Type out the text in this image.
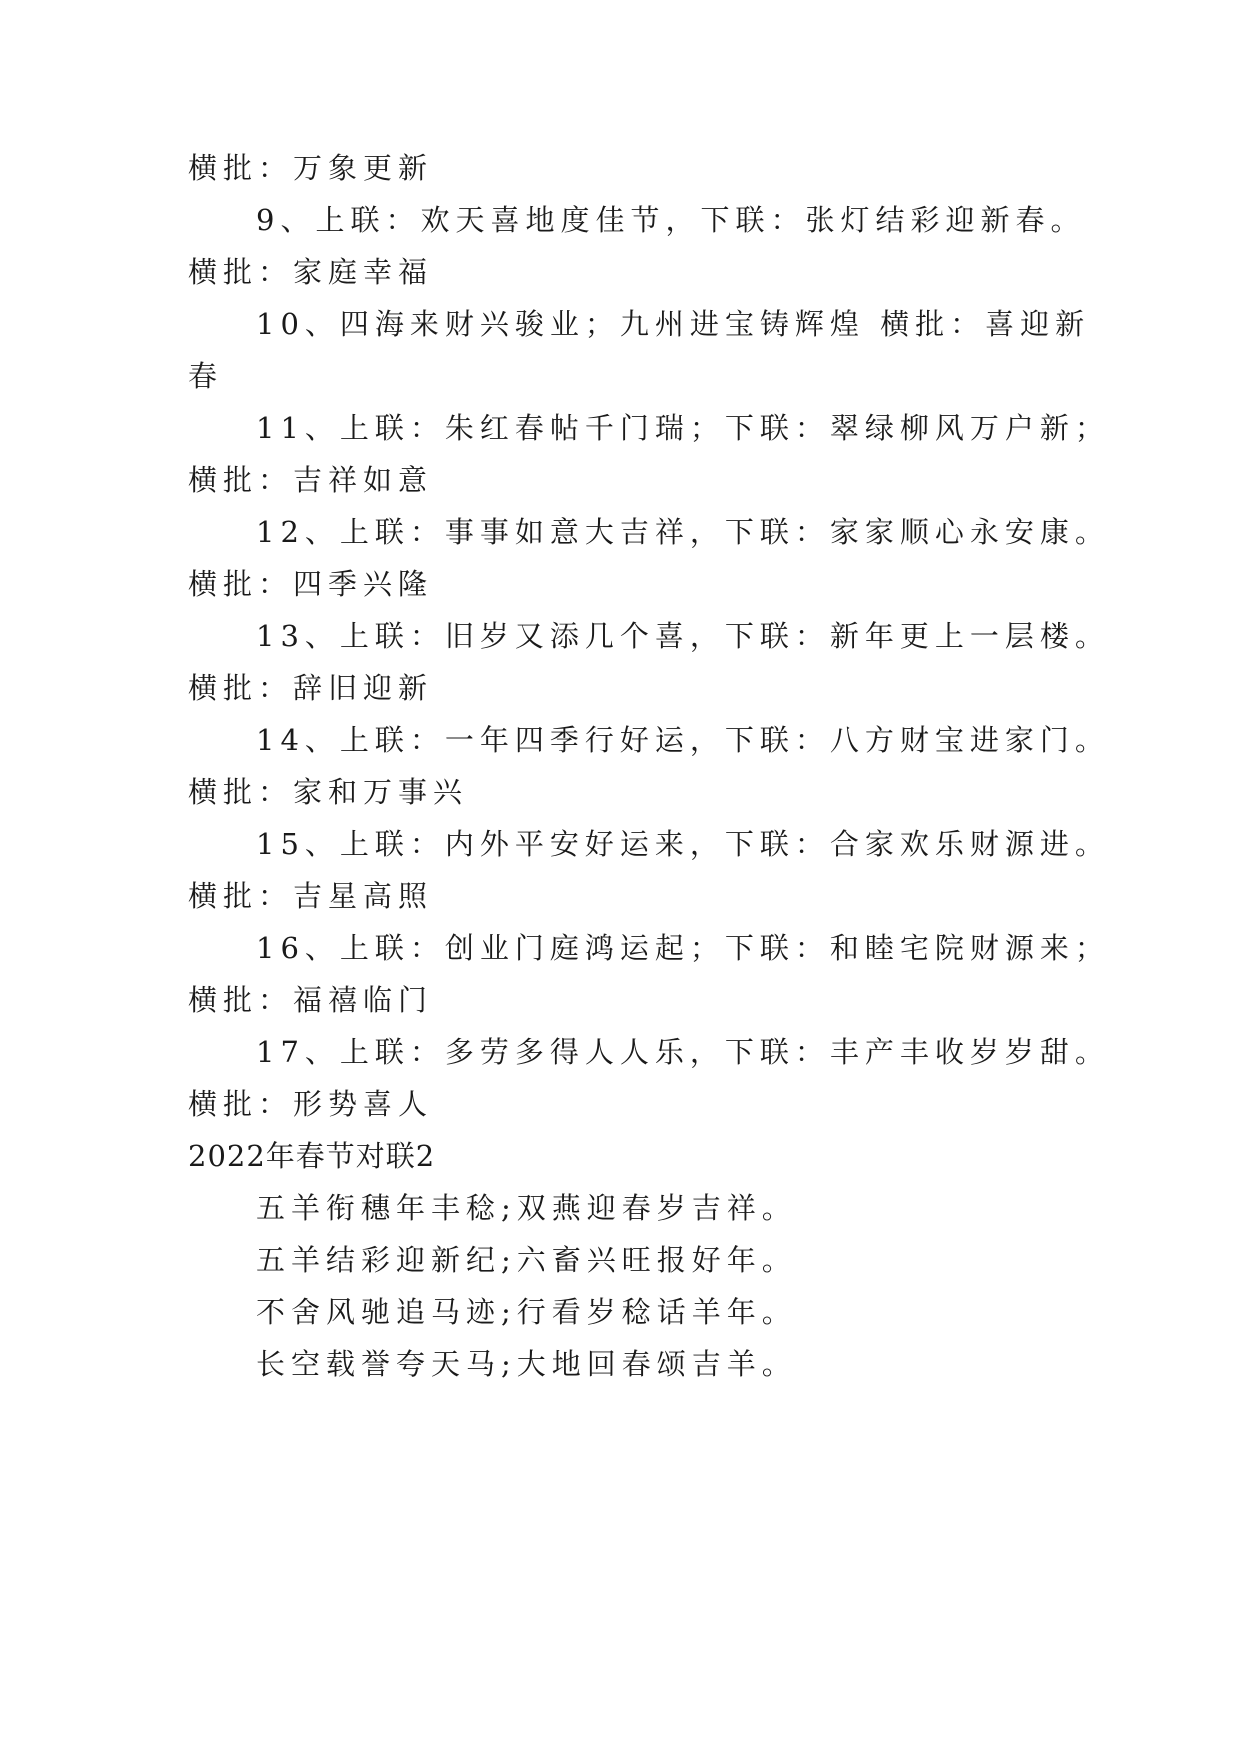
横批：万象更新
9、上联：欢天喜地度佳节，下联：张灯结彩迎新春。
横批：家庭幸福
10、四海来财兴骏业；九州进宝铸辉煌 横批：喜迎新
春
11、上联：朱红春帖千门瑞；下联：翠绿柳风万户新；
横批：吉祥如意
12、上联：事事如意大吉祥，下联：家家顺心永安康。
横批：四季兴隆
13、上联：旧岁又添几个喜，下联：新年更上一层楼。
横批：辞旧迎新
14、上联：一年四季行好运，下联：八方财宝进家门。
横批：家和万事兴
15、上联：内外平安好运来，下联：合家欢乐财源进。
横批：吉星高照
16、上联：创业门庭鸿运起；下联：和睦宅院财源来；
横批：福禧临门
17、上联：多劳多得人人乐，下联：丰产丰收岁岁甜。
横批：形势喜人
2022年春节对联2
五羊衔穗年丰稔;双燕迎春岁吉祥。
五羊结彩迎新纪;六畜兴旺报好年。
不舍风驰追马迹;行看岁稔话羊年。
长空载誉夸天马;大地回春颂吉羊。
